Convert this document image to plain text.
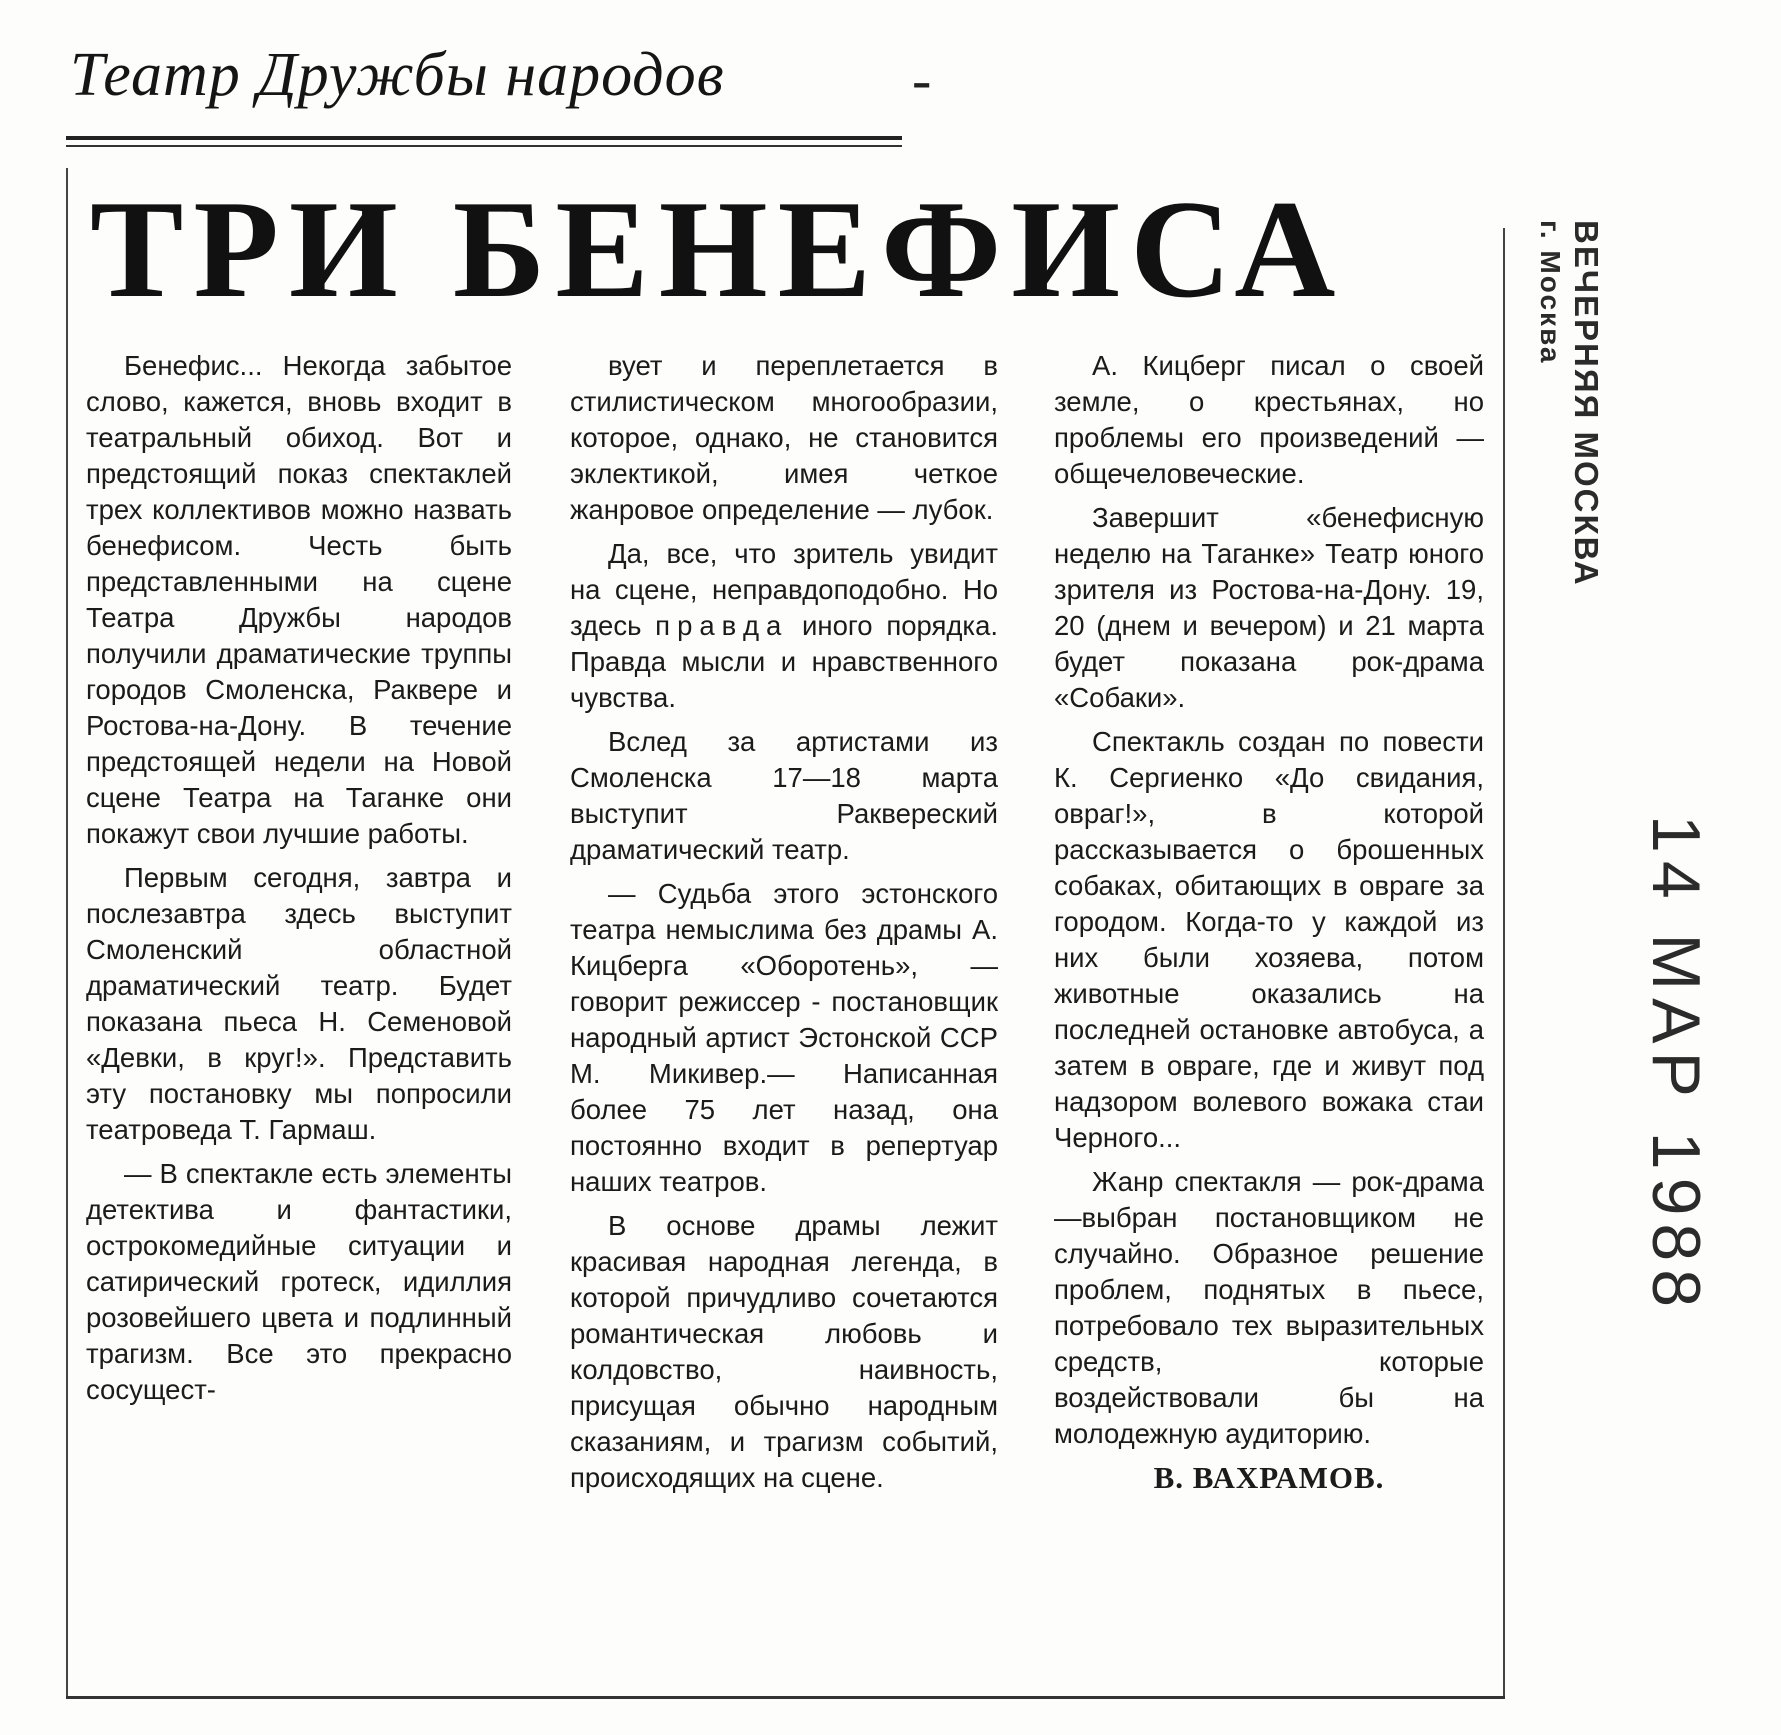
Театр Дружбы народов	-
ТРИ БЕНЕФИСА

Бенефис... Некогда забытое слово, кажется, вновь входит в театральный обиход. Вот и предстоящий показ спектаклей трех коллективов можно назвать бенефисом. Честь быть представленными на сцене Театра Дружбы народов получили драматические труппы городов Смоленска, Раквере и Ростова-на-Дону. В течение предстоящей недели на Новой сцене Театра на Таганке они покажут свои лучшие работы.

Первым сегодня, завтра и послезавтра здесь выступит Смоленский областной драматический театр. Будет показана пьеса Н. Семеновой «Девки, в круг!». Представить эту постановку мы попросили театроведа Т. Гармаш.

— В спектакле есть элементы детектива и фантастики, острокомедийные ситуации и сатирический гротеск, идиллия розовейшего цвета и подлинный трагизм. Все это прекрасно сосущест-

вует и переплетается в стилистическом многообразии, которое, однако, не становится эклектикой, имея четкое жанровое определение — лубок.

Да, все, что зритель увидит на сцене, неправдоподобно. Но здесь правда иного порядка. Правда мысли и нравственного чувства.

Вслед за артистами из Смоленска 17—18 марта выступит Раквереский драматический театр.

— Судьба этого эстонского театра немыслима без драмы А. Кицберга «Оборотень», — говорит режиссер - постановщик народный артист Эстонской ССР М. Микивер.— Написанная более 75 лет назад, она постоянно входит в репертуар наших театров.

В основе драмы лежит красивая народная легенда, в которой причудливо сочетаются романтическая любовь и колдовство, наивность, присущая обычно народным сказаниям, и трагизм событий, происходящих на сцене.

А. Кицберг писал о своей земле, о крестьянах, но проблемы его произведений — общечеловеческие.

Завершит «бенефисную неделю на Таганке» Театр юного зрителя из Ростова-на-Дону. 19, 20 (днем и вечером) и 21 марта будет показана рок-драма «Собаки».

Спектакль создан по повести К. Сергиенко «До свидания, овраг!», в которой рассказывается о брошенных собаках, обитающих в овраге за городом. Когда-то у каждой из них были хозяева, потом животные оказались на последней остановке автобуса, а затем в овраге, где и живут под надзором волевого вожака стаи Черного...

Жанр спектакля — рок-драма—выбран постановщиком не случайно. Образное решение проблем, поднятых в пьесе, потребовало тех выразительных средств, которые воздействовали бы на молодежную аудиторию.

В. ВАХРАМОВ.
ВЕЧЕРНЯЯ МОСКВА
г. Москва
14 МАР 1988
